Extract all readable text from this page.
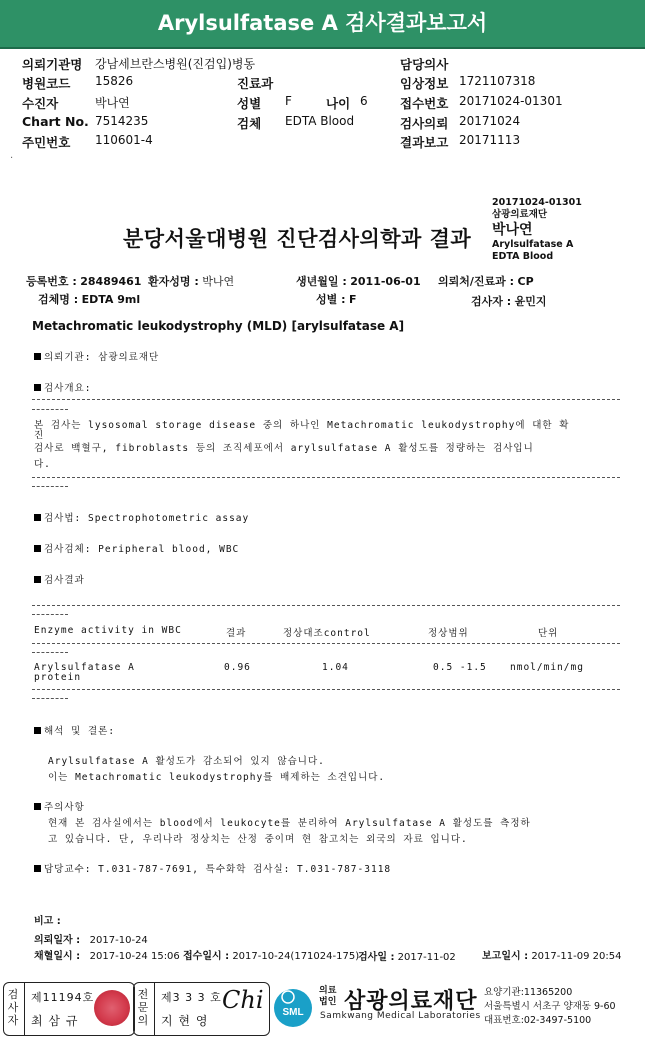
Arylsulfatase A 검사결과보고서
의뢰기관명 강남세브란스병원(진검입)병동
병원코드 15826
수진자	박나연
Chart No. 7514235
주민번호 110601-4
진료과
성별 F	나이 6
검체 EDTA Blood
담당의사
임상정보 1721107318
접수번호 20171024-01301
검사의뢰 20171024
결과보고 20171113
·
분당서울대병원 진단검사의학과 결과
20171024-01301
삼광의료재단
박나연
Arylsulfatase A
EDTA Blood
등록번호 : 28489461 환자성명 : 박나연	생년월일 : 2011-06-01 의뢰처/진료과 : CP
검체명 : EDTA 9ml	성별 : F	검사자 : 윤민지
Metachromatic leukodystrophy (MLD) [arylsulfatase A]
의뢰기관: 삼광의료재단
검사개요:
본 검사는 lysosomal storage disease 중의 하나인 Metachromatic leukodystrophy에 대한 확
진
검사로 백혈구, fibroblasts 등의 조직세포에서 arylsulfatase A 활성도를 정량하는 검사입니
다.
검사법: Spectrophotometric assay
검사검체: Peripheral blood, WBC
검사결과
Enzyme activity in WBC	결과	정상대조control	정상범위	단위
Arylsulfatase A
protein
0.96	1.04	0.5 -1.5 nmol/min/mg
해석 및 결론:
Arylsulfatase A 활성도가 감소되어 있지 않습니다.
이는 Metachromatic leukodystrophy를 배제하는 소견입니다.
주의사항
현재 본 검사실에서는 blood에서 leukocyte를 분리하여 Arylsulfatase A 활성도를 측정하
고 있습니다. 단, 우리나라 정상치는 산정 중이며 현 참고치는 외국의 자료 입니다.
담당교수: T.031-787-7691, 특수화학 검사실: T.031-787-3118
비고 :
의뢰일자 : 2017-10-24
채혈일시 : 2017-10-24 15:06 접수일시 : 2017-10-24(171024-175)
검사일 : 2017-11-02	보고일시 : 2017-11-09 20:54
검사자
제11194호
최 삼 규
전문의
제3 3 3 호
지 현 영
Chi SML
의료
법인 삼광의료재단
Samkwang Medical Laboratories
요양기관:11365200
서울특별시 서초구 양재동 9-60
대표번호:02-3497-5100
